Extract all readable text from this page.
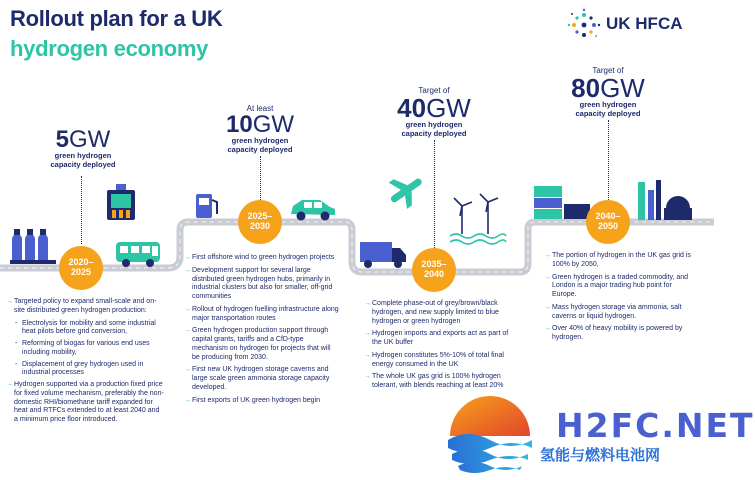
Rollout plan for a UK
hydrogen economy
UK HFCA
5GW
green hydrogen
capacity deployed
At least
10GW
green hydrogen
capacity deployed
Target of
40GW
green hydrogen
capacity deployed
Target of
80GW
green hydrogen
capacity deployed
2020–
2025
2025–
2030
2035–
2040
2040–
2050
→ Targeted policy to expand small-scale and on-site distributed green hydrogen production:
- Electrolysis for mobility and some industrial heat pilots before grid conversion,
- Reforming of biogas for various end uses including mobility,
- Displacement of grey hydrogen used in industrial processes
→ Hydrogen supported via a production fixed price for fixed volume mechanism, preferably the non-domestic RHI/biomethane tariff expanded for heat and RTFCs extended to at least 2040 and a minimum price floor introduced.
→ First offshore wind to green hydrogen projects
→ Development support for several large distributed green hydrogen hubs, primarily in industrial clusters but also for smaller, off-grid communities
→ Rollout of hydrogen fuelling infrastructure along major transportation routes
→ Green hydrogen production support through capital grants, tariffs and a CfD-type mechanism on hydrogen for projects that will be producing from 2030.
→ First new UK hydrogen storage caverns and large scale green ammonia storage capacity developed.
→ First exports of UK green hydrogen begin
→ Complete phase-out of grey/brown/black hydrogen, and new supply limited to blue hydrogen or green hydrogen
→ Hydrogen imports and exports act as part of the UK buffer
→ Hydrogen constitutes 5%-10% of total final energy consumed in the UK
→ The whole UK gas grid is 100% hydrogen tolerant, with blends reaching at least 20%
→ The portion of hydrogen in the UK gas grid is 100% by 2050,
→ Green hydrogen is a traded commodity, and London is a major trading hub point for Europe.
→ Mass hydrogen storage via ammonia, salt caverns or liquid hydrogen.
→ Over 40% of heavy mobility is powered by hydrogen.
H2FC.NET
氢能与燃料电池网
